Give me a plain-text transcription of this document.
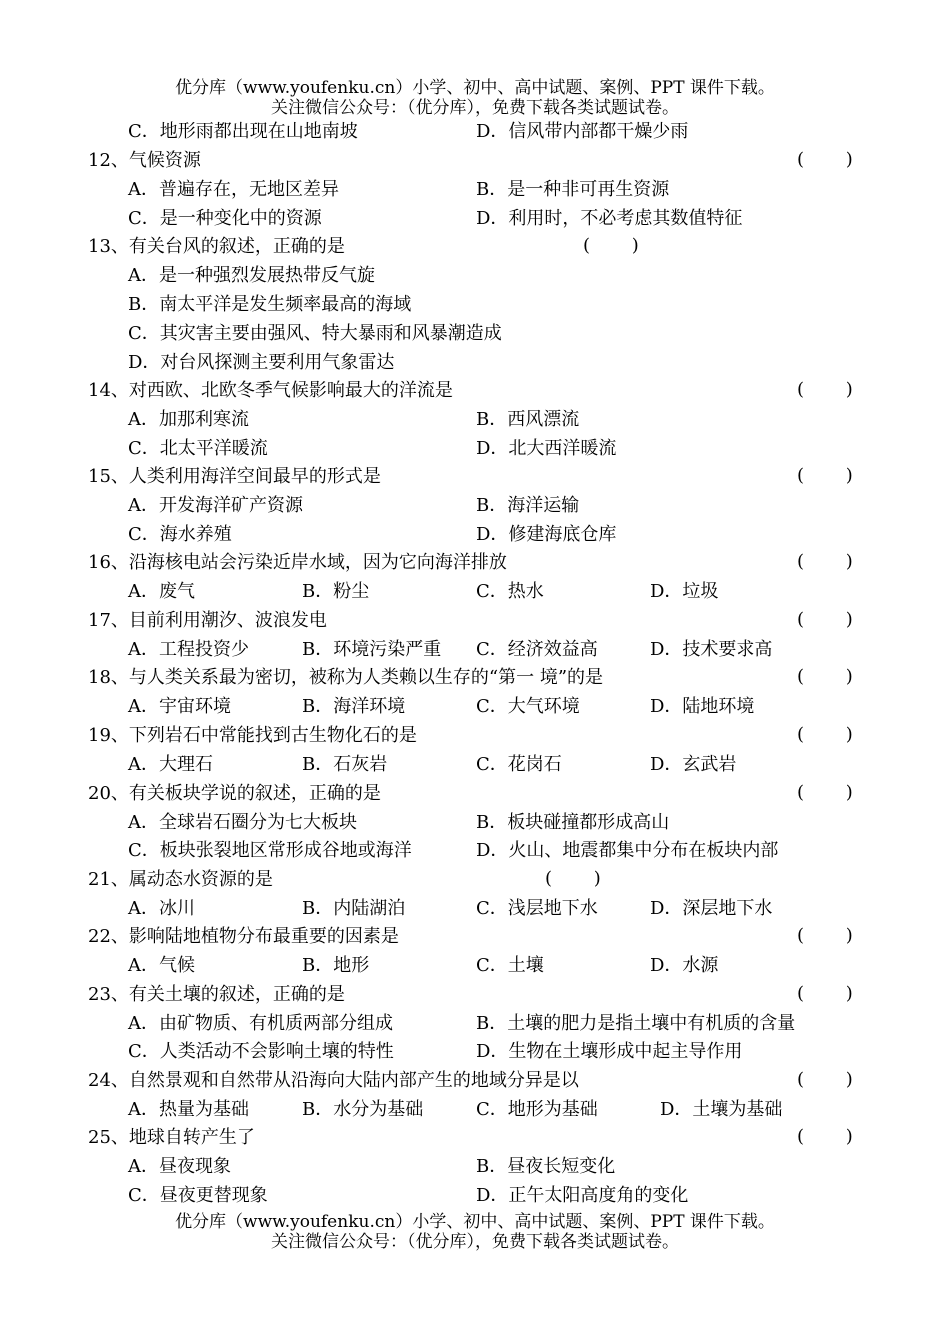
优分库（www.youfenku.cn）小学、初中、高中试题、案例、PPT 课件下载。
关注微信公众号：（优分库），免费下载各类试题试卷。
C．地形雨都出现在山地南坡	D．信风带内部都干燥少雨
12、气候资源	( )
A．普遍存在，无地区差异	B．是一种非可再生资源
C．是一种变化中的资源	D．利用时，不必考虑其数值特征
13、有关台风的叙述，正确的是	( )
A．是一种强烈发展热带反气旋
B．南太平洋是发生频率最高的海域
C．其灾害主要由强风、特大暴雨和风暴潮造成
D．对台风探测主要利用气象雷达
14、对西欧、北欧冬季气候影响最大的洋流是	( )
A．加那利寒流	B．西风漂流
C．北太平洋暖流	D．北大西洋暖流
15、人类利用海洋空间最早的形式是	( )
A．开发海洋矿产资源	B．海洋运输
C．海水养殖	D．修建海底仓库
16、沿海核电站会污染近岸水域，因为它向海洋排放	( )
A．废气	B．粉尘	C．热水	D．垃圾
17、目前利用潮汐、波浪发电	( )
A．工程投资少	B．环境污染严重 C．经济效益高	D．技术要求高
18、与人类关系最为密切，被称为人类赖以生存的“第一 境”的是	( )
A．宇宙环境	B．海洋环境	C．大气环境	D．陆地环境
19、下列岩石中常能找到古生物化石的是	( )
A．大理石	B．石灰岩	C．花岗石	D．玄武岩
20、有关板块学说的叙述，正确的是	( )
A．全球岩石圈分为七大板块	B．板块碰撞都形成高山
C．板块张裂地区常形成谷地或海洋	D．火山、地震都集中分布在板块内部
21、属动态水资源的是	( )
A．冰川	B．内陆湖泊	C．浅层地下水	D．深层地下水
22、影响陆地植物分布最重要的因素是	( )
A．气候	B．地形	C．土壤	D．水源
23、有关土壤的叙述，正确的是	( )
A．由矿物质、有机质两部分组成	B．土壤的肥力是指土壤中有机质的含量
C．人类活动不会影响土壤的特性	D．生物在土壤形成中起主导作用
24、自然景观和自然带从沿海向大陆内部产生的地域分异是以	( )
A．热量为基础	B．水分为基础	C．地形为基础	D．土壤为基础
25、地球自转产生了	( )
A．昼夜现象	B．昼夜长短变化
C．昼夜更替现象	D．正午太阳高度角的变化
优分库（www.youfenku.cn）小学、初中、高中试题、案例、PPT 课件下载。
关注微信公众号：（优分库），免费下载各类试题试卷。
